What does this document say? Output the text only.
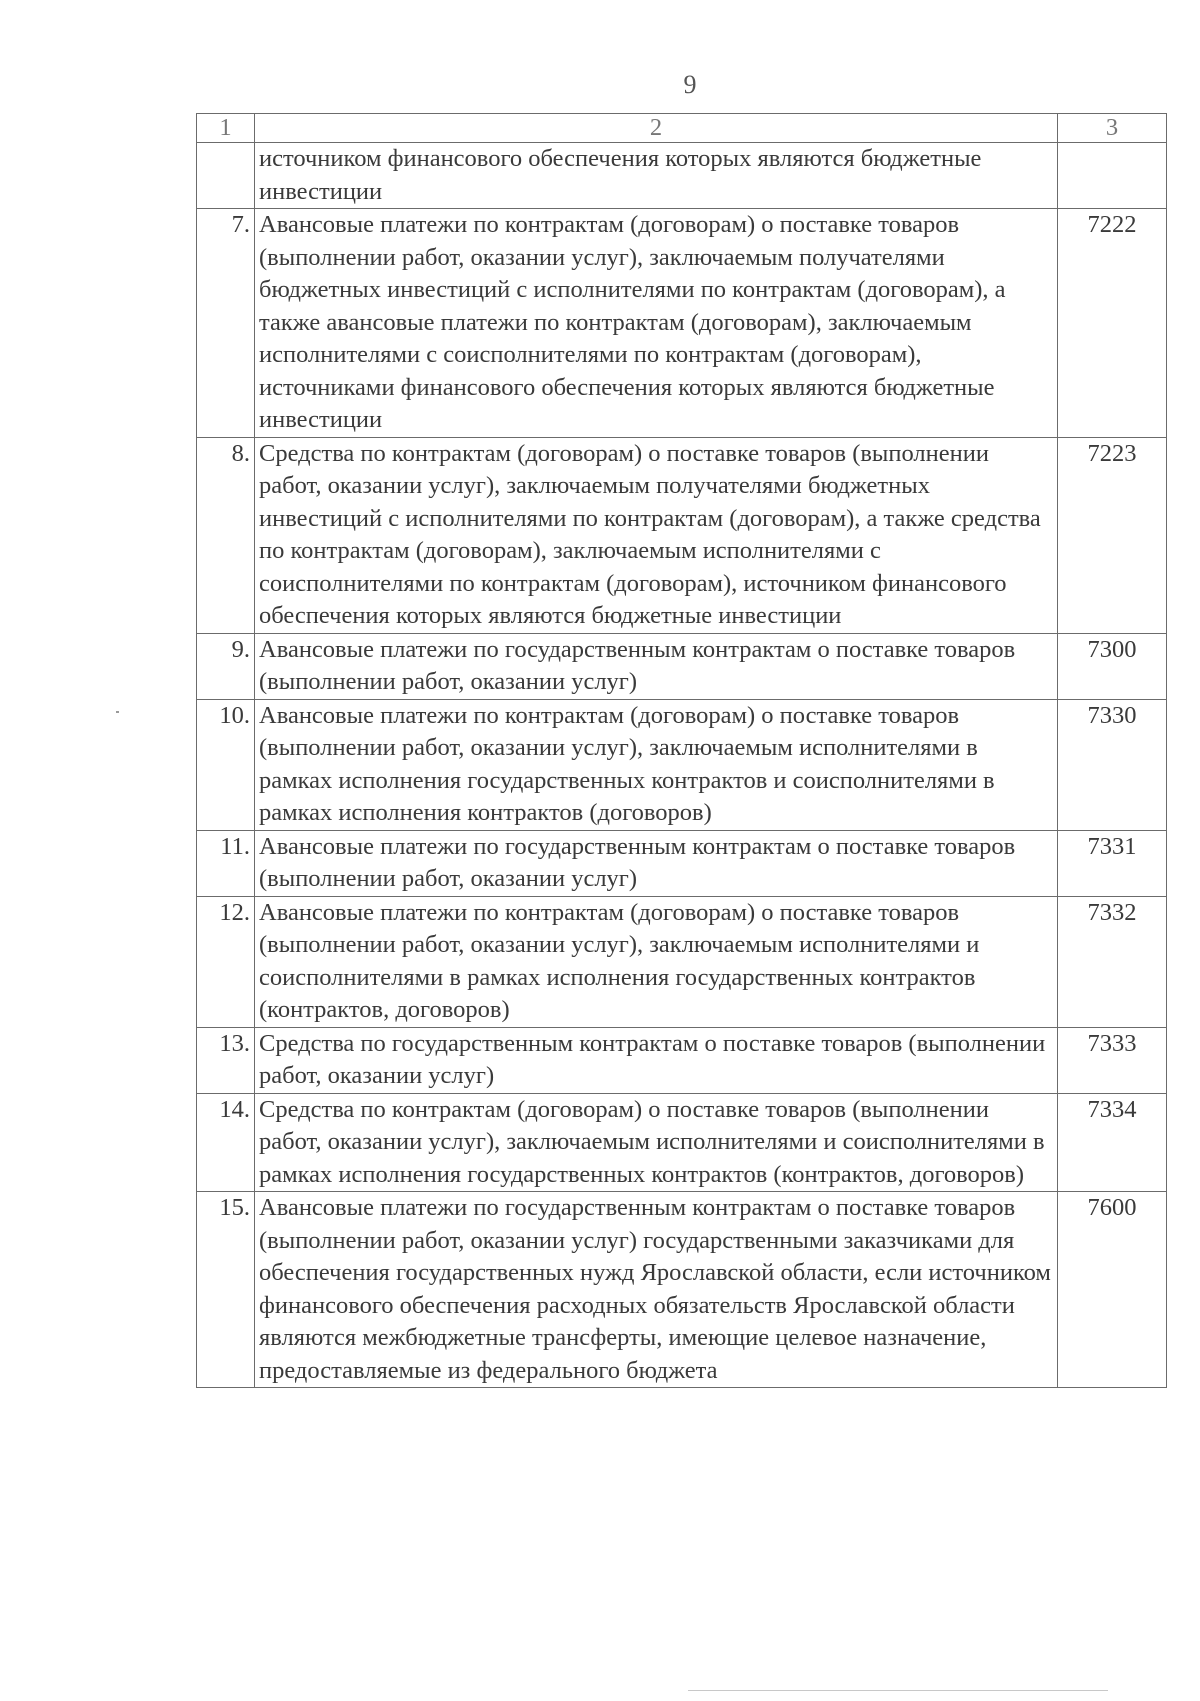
9
1	2	3
	источником финансового обеспечения которых являются бюджетные инвестиции	
7.	Авансовые платежи по контрактам (договорам) о поставке товаров (выполнении работ, оказании услуг), заключаемым получателями бюджетных инвестиций с исполнителями по контрактам (договорам), а также авансовые платежи по контрактам (договорам), заключаемым исполнителями с соисполнителями по контрактам (договорам), источниками финансового обеспечения которых являются бюджетные инвестиции	7222
8.	Средства по контрактам (договорам) о поставке товаров (выполнении работ, оказании услуг), заключаемым получателями бюджетных инвестиций с исполнителями по контрактам (договорам), а также средства по контрактам (договорам), заключаемым исполнителями с соисполнителями по контрактам (договорам), источником финансового обеспечения которых являются бюджетные инвестиции	7223
9.	Авансовые платежи по государственным контрактам о поставке товаров (выполнении работ, оказании услуг)	7300
10.	Авансовые платежи по контрактам (договорам) о поставке товаров (выполнении работ, оказании услуг), заключаемым исполнителями в рамках исполнения государственных контрактов и соисполнителями в рамках исполнения контрактов (договоров)	7330
11.	Авансовые платежи по государственным контрактам о поставке товаров (выполнении работ, оказании услуг)	7331
12.	Авансовые платежи по контрактам (договорам) о поставке товаров (выполнении работ, оказании услуг), заключаемым исполнителями и соисполнителями в рамках исполнения государственных контрактов (контрактов, договоров)	7332
13.	Средства по государственным контрактам о поставке товаров (выполнении работ, оказании услуг)	7333
14.	Средства по контрактам (договорам) о поставке товаров (выполнении работ, оказании услуг), заключаемым исполнителями и соисполнителями в рамках исполнения государственных контрактов (контрактов, договоров)	7334
15.	Авансовые платежи по государственным контрактам о поставке товаров (выполнении работ, оказании услуг) государственными заказчиками для обеспечения государственных нужд Ярославской области, если источником финансового обеспечения расходных обязательств Ярославской области являются межбюджетные трансферты, имеющие целевое назначение, предоставляемые из федерального бюджета	7600
